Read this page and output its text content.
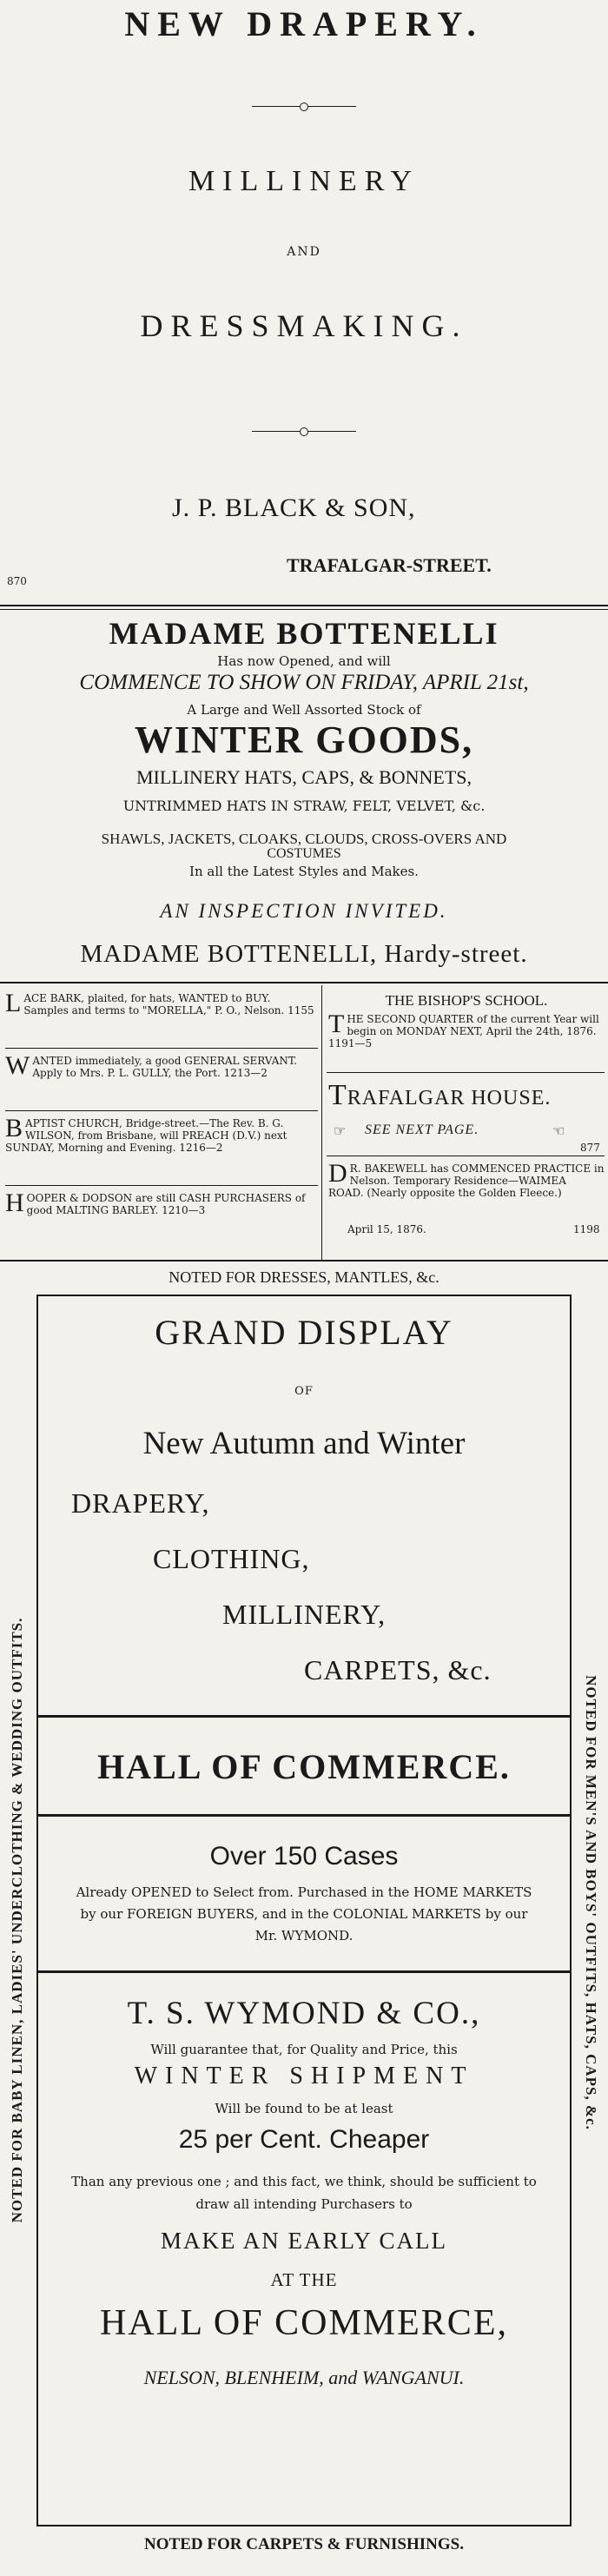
NEW DRAPERY.
MILLINERY
AND
DRESSMAKING.
J. P. BLACK & SON,
TRAFALGAR-STREET.
870
MADAME BOTTENELLI
Has now Opened, and will
COMMENCE TO SHOW ON FRIDAY, APRIL 21st,
A Large and Well Assorted Stock of
WINTER GOODS,
MILLINERY HATS, CAPS, & BONNETS,
UNTRIMMED HATS IN STRAW, FELT, VELVET, &c.
SHAWLS, JACKETS, CLOAKS, CLOUDS, CROSS-OVERS AND
COSTUMES
In all the Latest Styles and Makes.
AN INSPECTION INVITED.
MADAME BOTTENELLI, Hardy-street.
LACE BARK, plaited, for hats, WANTED to BUY. Samples and terms to "MORELLA," P. O., Nelson. 1155
WANTED immediately, a good GENERAL SERVANT. Apply to Mrs. P. L. GULLY, the Port. 1213—2
BAPTIST CHURCH, Bridge-street.—The Rev. B. G. WILSON, from Brisbane, will PREACH (D.V.) next SUNDAY, Morning and Evening. 1216—2
HOOPER & DODSON are still CASH PURCHASERS of good MALTING BARLEY. 1210—3
THE BISHOP'S SCHOOL.
THE SECOND QUARTER of the current Year will begin on MONDAY NEXT, April the 24th, 1876. 1191—5
TRAFALGAR HOUSE.
☞ SEE NEXT PAGE.	☜
877
D R. BAKEWELL has COMMENCED PRACTICE in Nelson. Temporary Residence—WAIMEA ROAD. (Nearly opposite the Golden Fleece.)
April 15, 1876.	1198
NOTED FOR DRESSES, MANTLES, &c.
NOTED FOR BABY LINEN, LADIES' UNDERCLOTHING & WEDDING OUTFITS.	NOTED FOR MEN'S AND BOYS' OUTFITS, HATS, CAPS, &c.
GRAND DISPLAY
OF
New Autumn and Winter
DRAPERY,
CLOTHING,
MILLINERY,
CARPETS, &c.
HALL OF COMMERCE.
Over 150 Cases
Already OPENED to Select from. Purchased in the HOME MARKETS by our FOREIGN BUYERS, and in the COLONIAL MARKETS by our Mr. WYMOND.
T. S. WYMOND & CO.,
Will guarantee that, for Quality and Price, this
WINTER SHIPMENT
Will be found to be at least
25 per Cent. Cheaper
Than any previous one ; and this fact, we think, should be sufficient to draw all intending Purchasers to
MAKE AN EARLY CALL
AT THE
HALL OF COMMERCE,
NELSON, BLENHEIM, and WANGANUI.
NOTED FOR CARPETS & FURNISHINGS.
